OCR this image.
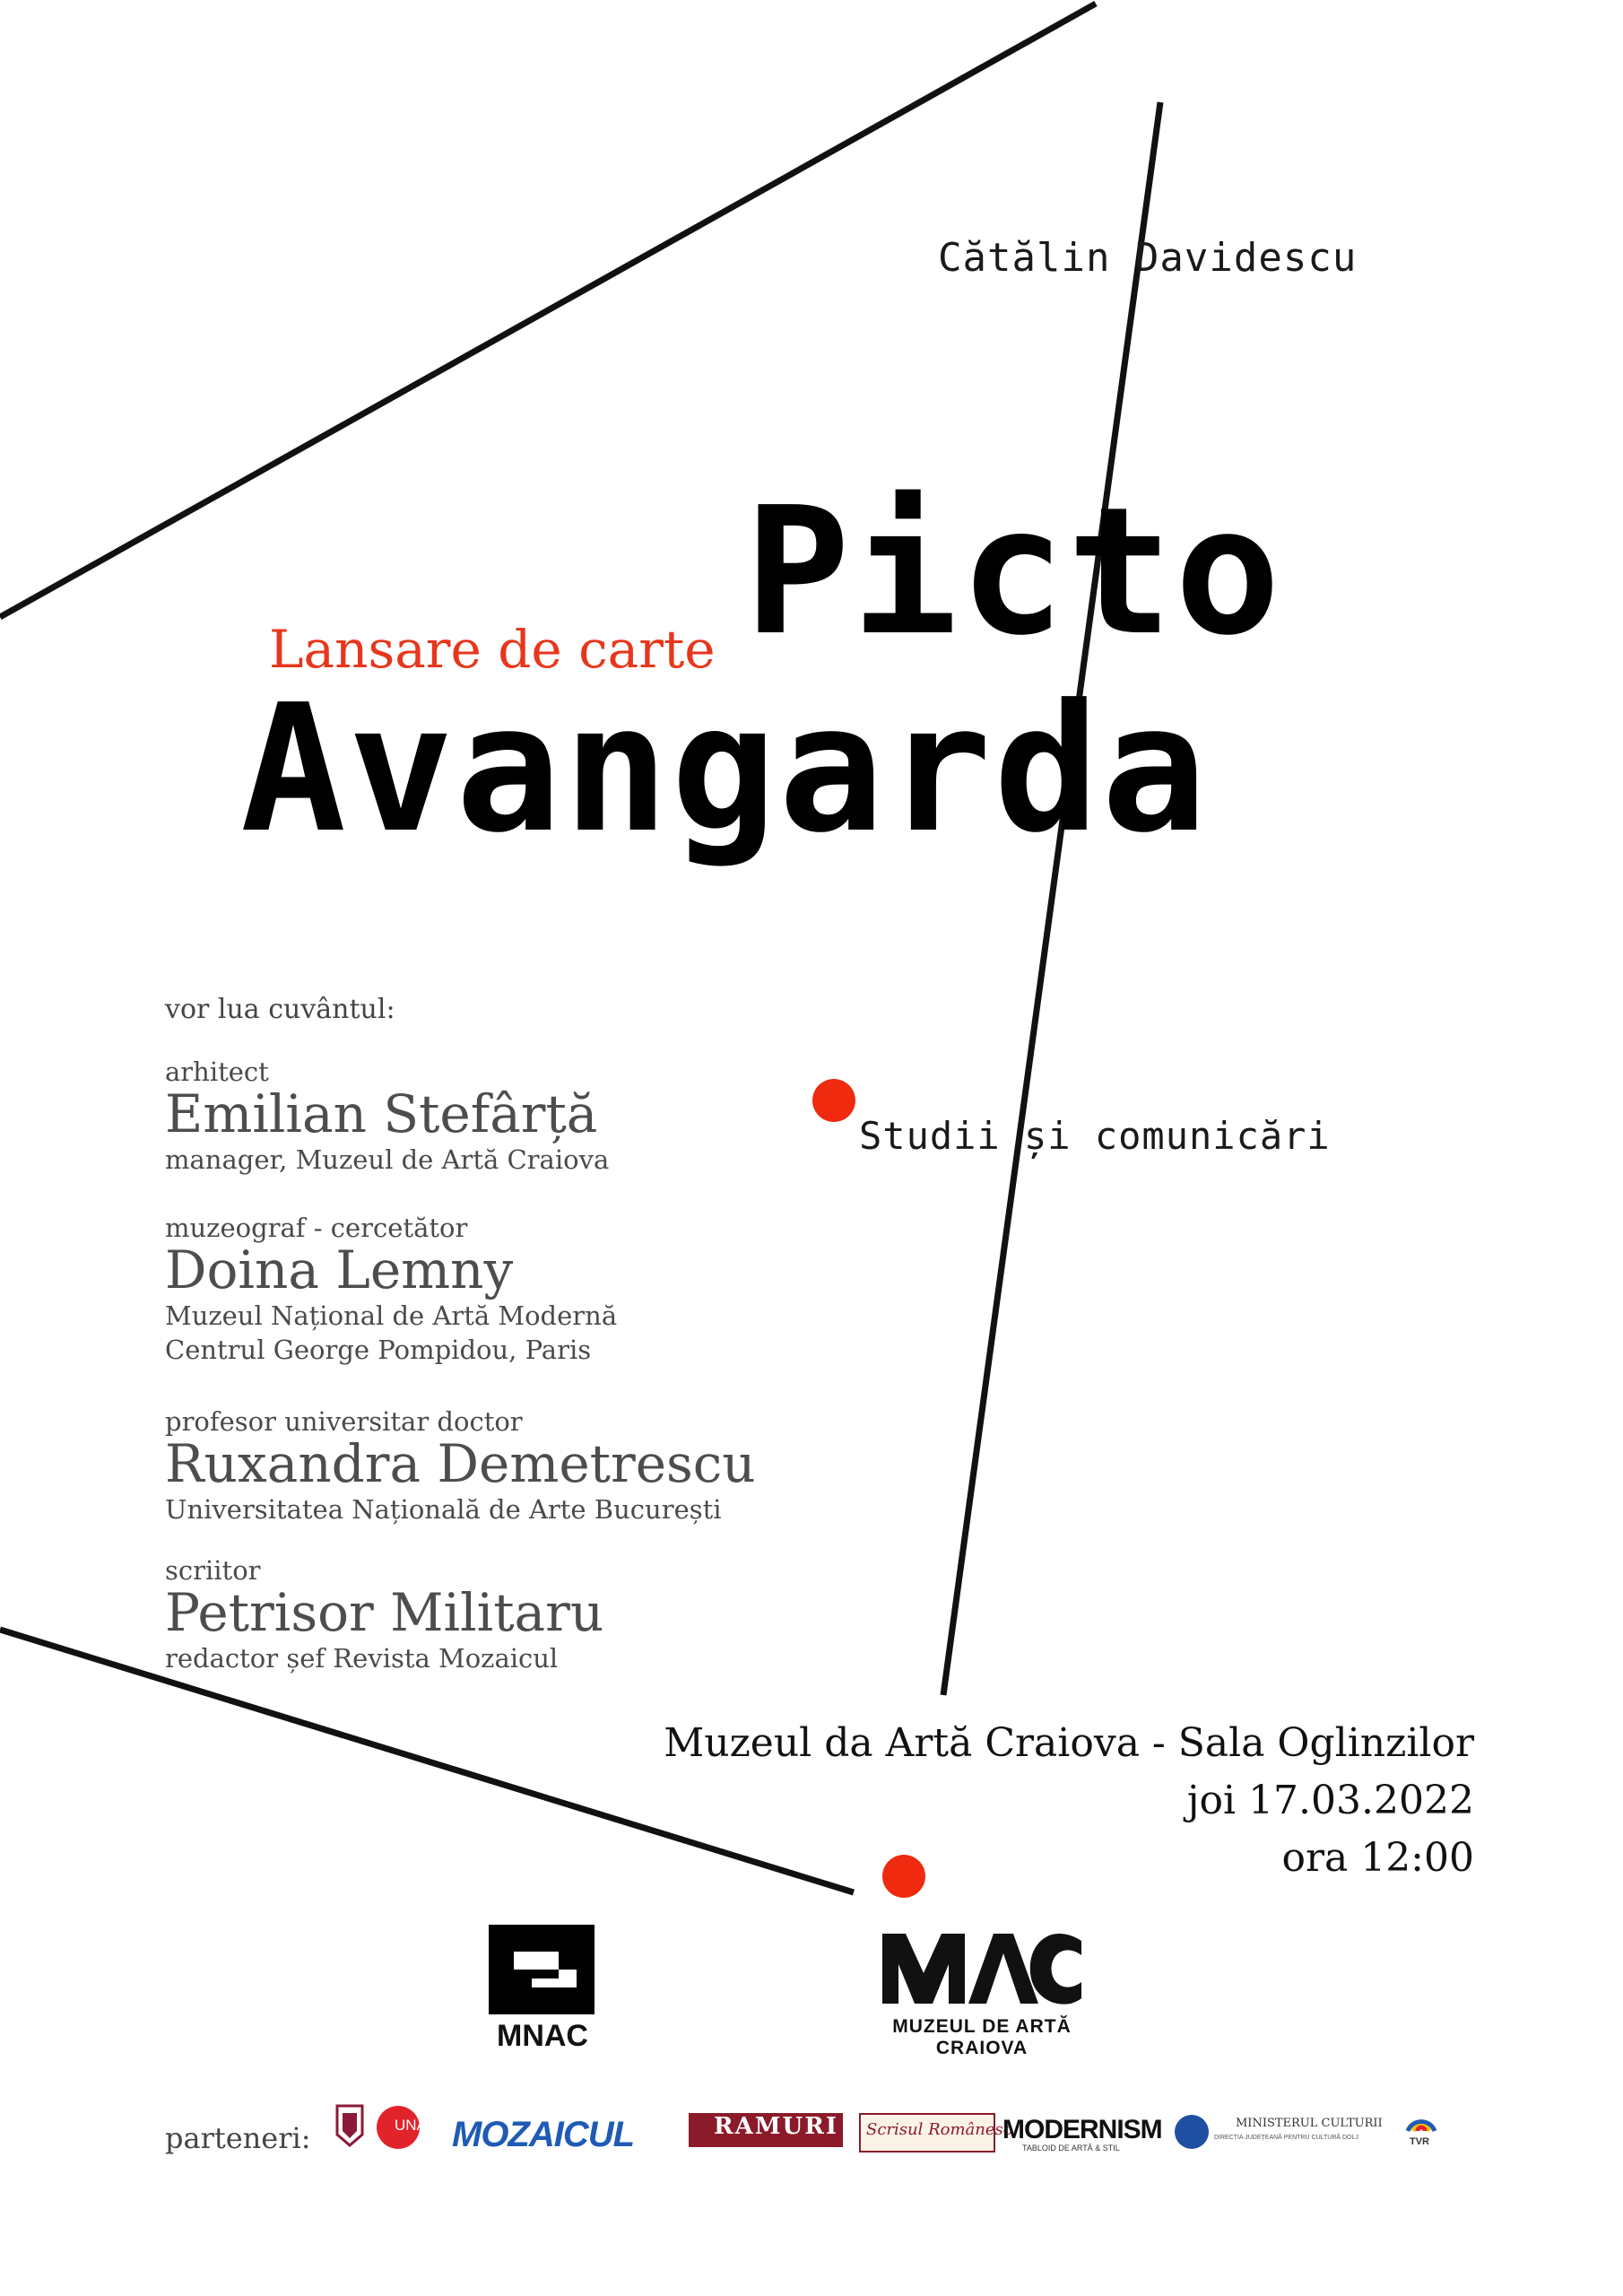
Cătălin Davidescu
Lansare de carte Picto
Avangarda
Studii și comunicări
vor lua cuvântul:
arhitect
Emilian Stefârță
manager, Muzeul de Artă Craiova
muzeograf - cercetător
Doina Lemny
Muzeul Național de Artă Modernă
Centrul George Pompidou, Paris
profesor universitar doctor
Ruxandra Demetrescu
Universitatea Națională de Arte București
scriitor
Petrisor Militaru
redactor șef Revista Mozaicul
Muzeul da Artă Craiova - Sala Oglinzilor
joi 17.03.2022
ora 12:00
MNAC	MUZEUL DE ARTĂ
CRAIOVA
parteneri:	UNArte MOZAICUL	RAMURI Scrisul Românesc
MODERNISM
TABLOID DE ARTĂ & STIL
MINISTERUL CULTURII
DIRECȚIA JUDEȚEANĂ PENTRU CULTURĂ DOLJ	TVR
